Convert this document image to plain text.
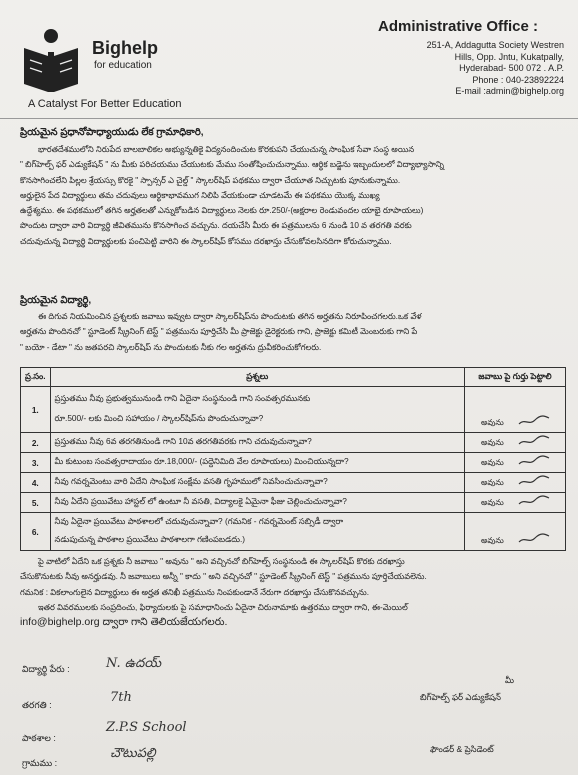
Bighelp
for education
A Catalyst For Better Education
Administrative Office :
251-A, Addagutta Society Westren
Hills, Opp. Jntu, Kukatpally,
Hyderabad- 500 072 . A.P.
Phone : 040-23892224
E-mail :admin@bighelp.org
ప్రియమైన ప్రధానోపాధ్యాయుడు లేక గ్రామాధికారి,
భారతదేశములోని నిరుపేద బాలబాలికల అభ్యున్నతికై విద్యనందించుట కొరకుపని చేయుచున్న సాంఘిక సేవా సంస్థ అయిన
" బిగ్‌హెల్ప్ ఫర్ ఎడ్యుకేషన్ " ను మీకు పరిచయము చేయుటకు మేము సంతోషించుచున్నాము. ఆర్థిక బడ్జెను ఇబ్బందులలో విద్యాభ్యాసాన్ని
కొనసాగించలేని పిల్లల శ్రేయస్సు కొరకై " స్పాన్సర్ ఎ చైల్డ్ " స్కాలర్‌షిప్ పథకము ద్వారా చేయూత నిచ్చుటకు పూనుకున్నాము.
అర్హులైన పేద విద్యార్థులు తమ చదువులు ఆర్థికాభావముగ నిలిపి వేయకుండా చూడటమే ఈ పథకము యొక్క ముఖ్య
ఉద్దేశ్యము. ఈ పథకములో తగిన అర్హతలతో ఎన్నుకోబడిన విద్యార్థులు నెలకు రూ.250/-(అక్షరాల రెండువందల యాభై రూపాయలు)
పొందుట ద్వారా వారి విద్యార్థి జీవితమును కొనసాగించ వచ్చును. దయచేసి మీరు ఈ పత్రములను 6 నుండి 10 వ తరగతి వరకు
చదువుచున్న విద్యార్థి విద్యార్థులకు పంచిపెట్టి వారిని ఈ స్కాలర్‌షిప్ కోసము దరఖాస్తు చేసుకోవలసినదిగా కోరుచున్నాము.
ప్రియమైన విద్యార్థి,
ఈ దిగువ నియమించిన ప్రశ్నలకు జవాబు ఇవ్వుట ద్వారా స్కాలర్‌షిప్‌ను పొందుటకు తగిన అర్హతను నిరూపించగలరు.ఒక వేళ
అర్హతను పొందినచో " స్టూడెంట్ స్క్రీనింగ్ టెస్ట్ " పత్రమును పూర్తిచేసి మీ ప్రాజెక్టు డైరెక్టరుకు గాని, ప్రాజెక్టు కమిటీ మెంబరుకు గాని పే
" బయో - డేటా " ను జతపరచి స్కాలర్‌షిప్ ను పొందుటకు నీకు గల అర్హతను ద్రువీకరించుకోగలరు.
ప్ర.సం.	ప్రశ్నలు	జవాబు పై గుర్తు పెట్టాలి
1.	ప్రస్తుతము నీవు ప్రభుత్వమునుండి గాని ఏదైనా సంస్థనుండి గాని సంవత్సరమునకు
రూ.500/- లకు మించి సహాయం / స్కాలర్‌షిప్‌ను పొందుచున్నావా?	అవును

2.	ప్రస్తుతము నీవు 6వ తరగతినుండి గాని 10వ తరగతివరకు గాని చదువుచున్నావా?	అవును

3.	మీ కుటుంబ సంవత్సరాదాయం రూ.18,000/- (పద్దెనిమిది వేల రూపాయలు) మించియున్నదా?	అవును

4.	నీవు గవర్నమెంటు వారి ఏదేని సాంఘిక సంక్షేమ వసతి గృహములో నివసించుచున్నావా?	అవును

5.	నీవు ఏదేని ప్రయివేటు హాస్టల్ లో ఉంటూ నీ వసతి, విద్యాలకై ఏమైనా ఫీజు చెల్లించుచున్నావా?	అవును

6.	నీవు ఏదైనా ప్రయివేటు పాఠశాలలో చదువుచున్నావా? (గమనిక - గవర్నమెంట్ సబ్సిడీ ద్వారా
నడుపుచున్న పాఠశాల ప్రయివేటు పాఠశాలగా గణింపబడదు.)	అవును
పై వాటిలో ఏదేని ఒక ప్రశ్నకు నీ జవాబు " అవును " అని వచ్చినచో బిగ్‌హెల్ప్ సంస్థనుండి ఈ స్కాలర్‌షిప్ కొరకు దరఖాస్తు
చేసుకొనుటకు నీవు అనర్హుడవు. నీ జవాబులు అన్నీ " కాదు " అని వచ్చినచో " స్టూడెంట్ స్క్రీనింగ్ టెస్ట్ " పత్రమును పూర్తిచేయవలెను.
గమనిక : వికలాంగులైన విద్యార్థులు ఈ అర్హత తనిఖీ పత్రమును నింపకుండానే నేరుగా దరఖాస్తు చేసుకొనవచ్చును.
ఇతర వివరములకు సంప్రదించు, ఫిర్యాదులకు పై సమాధానించు ఏదైనా చిరునామాకు ఉత్తరము ద్వారా గాని, ఈ-మెయిల్
info@bighelp.org ద్వారా గాని తెలియజేయగలరు.
విద్యార్థి పేరు :	N. ఉదయ్
తరగతి :	7th
పాఠశాల :
Z.P.S School
గ్రామము :
చౌటుపల్లి
మీ
బిగ్‌హెల్ప్ ఫర్ ఎడ్యుకేషన్
ఫౌండర్ & ప్రెసిడెంట్
